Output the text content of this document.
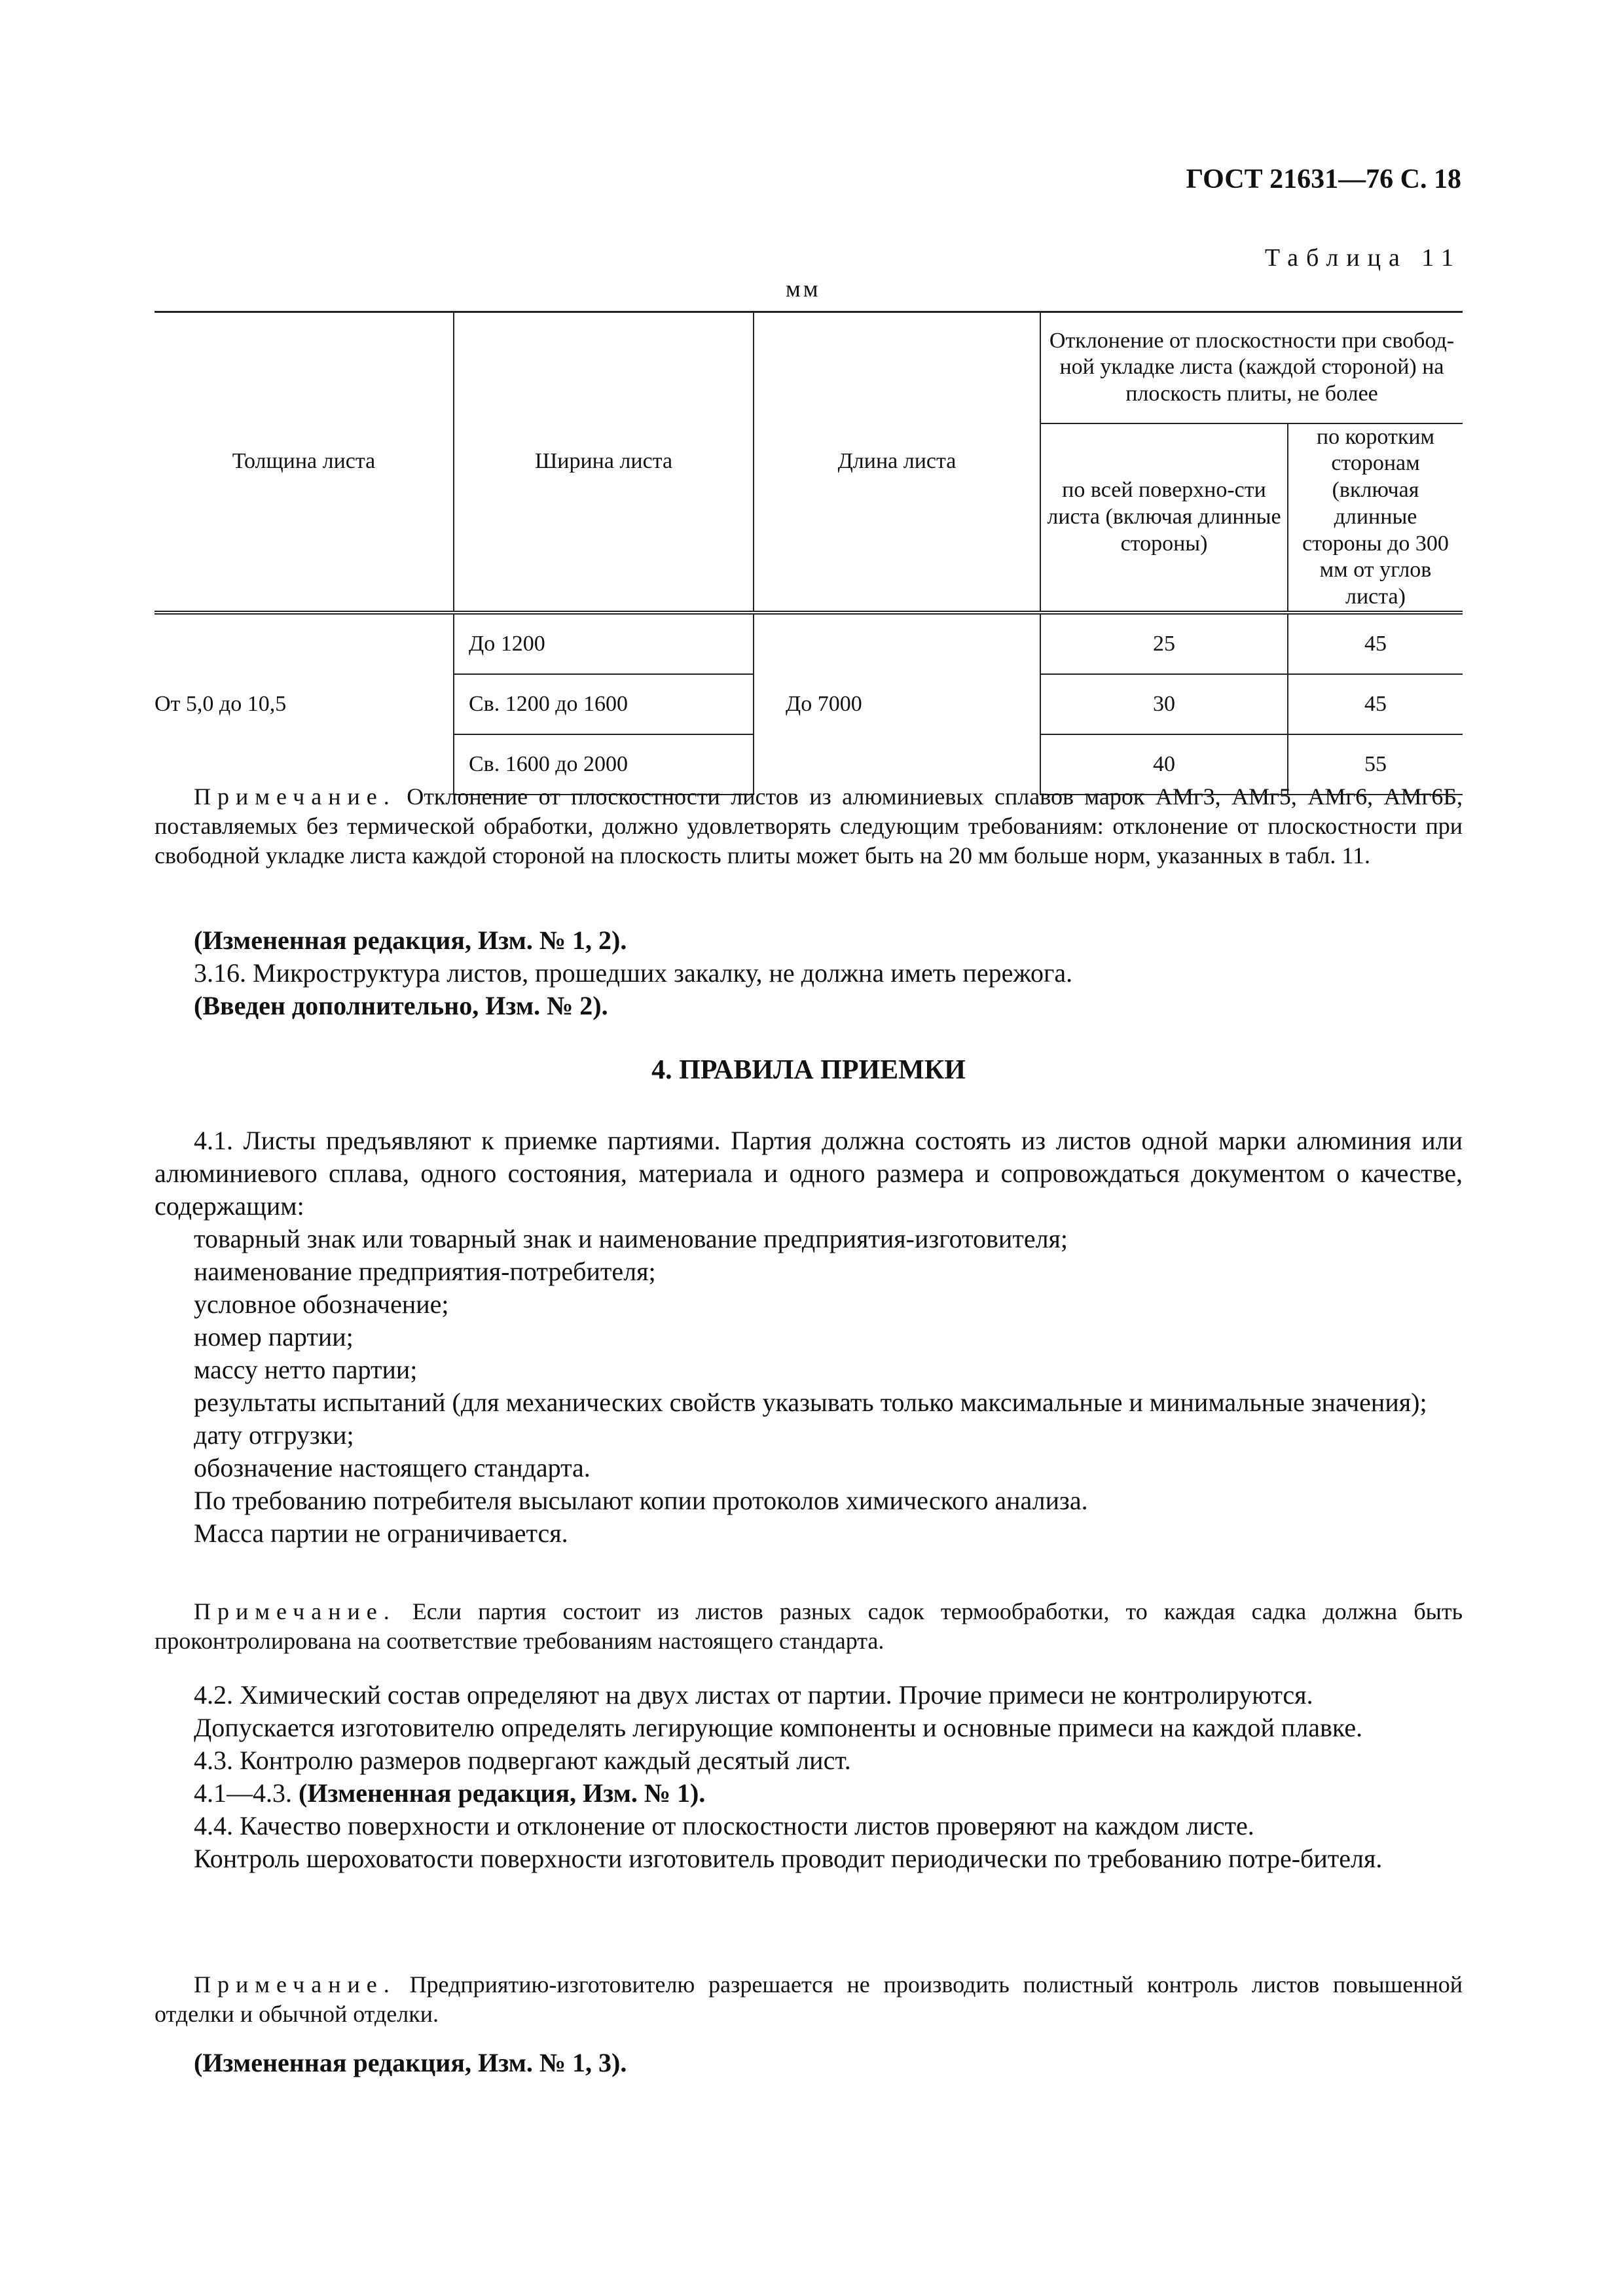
ГОСТ 21631—76 С. 18
Таблица 11
мм
Толщина листа	Ширина листа	Длина листа	Отклонение от плоскостности при свобод-ной укладке листа (каждой стороной) на плоскость плиты, не более	
			по всей поверхно-сти листа (включая длинные стороны)	по коротким сторонам (включая длинные стороны до 300 мм от углов листа)
От 5,0 до 10,5	До 1200	До 7000	25	45
	Св. 1200 до 1600		30	45
	Св. 1600 до 2000		40	55

Примечание. Отклонение от плоскостности листов из алюминиевых сплавов марок АМг3, АМг5, АМг6, АМг6Б, поставляемых без термической обработки, должно удовлетворять следующим требованиям: отклонение от плоскостности при свободной укладке листа каждой стороной на плоскость плиты может быть на 20 мм больше норм, указанных в табл. 11.

(Измененная редакция, Изм. № 1, 2).

3.16. Микроструктура листов, прошедших закалку, не должна иметь пережога.

(Введен дополнительно, Изм. № 2).

4. ПРАВИЛА ПРИЕМКИ

4.1. Листы предъявляют к приемке партиями. Партия должна состоять из листов одной марки алюминия или алюминиевого сплава, одного состояния, материала и одного размера и сопровождаться документом о качестве, содержащим:

товарный знак или товарный знак и наименование предприятия-изготовителя;

наименование предприятия-потребителя;

условное обозначение;

номер партии;

массу нетто партии;

результаты испытаний (для механических свойств указывать только максимальные и минимальные значения);

дату отгрузки;

обозначение настоящего стандарта.

По требованию потребителя высылают копии протоколов химического анализа.

Масса партии не ограничивается.

Примечание. Если партия состоит из листов разных садок термообработки, то каждая садка должна быть проконтролирована на соответствие требованиям настоящего стандарта.

4.2. Химический состав определяют на двух листах от партии. Прочие примеси не контролируются.

Допускается изготовителю определять легирующие компоненты и основные примеси на каждой плавке.

4.3. Контролю размеров подвергают каждый десятый лист.

4.1—4.3. (Измененная редакция, Изм. № 1).

4.4. Качество поверхности и отклонение от плоскостности листов проверяют на каждом листе.

Контроль шероховатости поверхности изготовитель проводит периодически по требованию потре-бителя.

Примечание. Предприятию-изготовителю разрешается не производить полистный контроль листов повышенной отделки и обычной отделки.

(Измененная редакция, Изм. № 1, 3).
